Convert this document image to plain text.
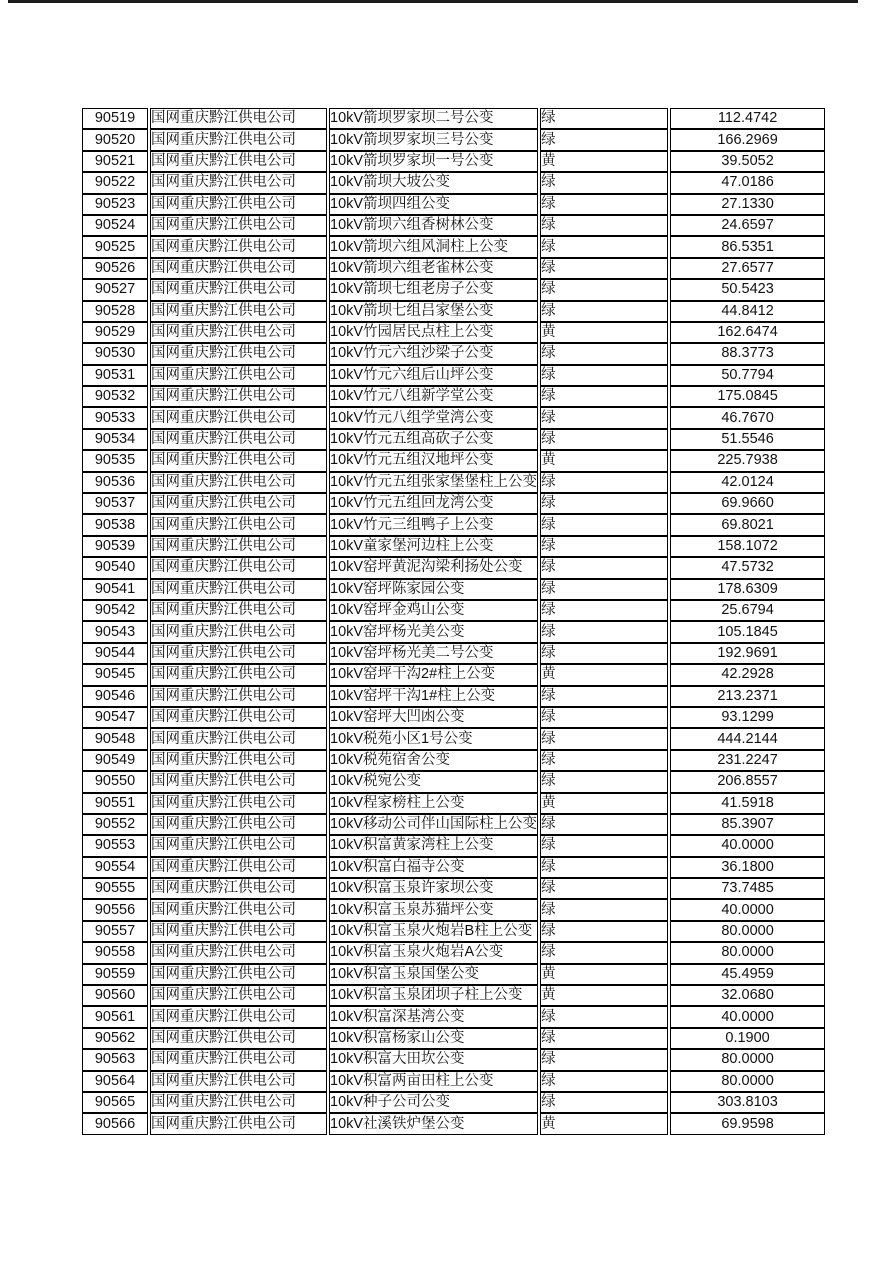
90519	国网重庆黔江供电公司	10kV箭坝罗家坝二号公变	绿	112.4742
90520	国网重庆黔江供电公司	10kV箭坝罗家坝三号公变	绿	166.2969
90521	国网重庆黔江供电公司	10kV箭坝罗家坝一号公变	黄	39.5052
90522	国网重庆黔江供电公司	10kV箭坝大坡公变	绿	47.0186
90523	国网重庆黔江供电公司	10kV箭坝四组公变	绿	27.1330
90524	国网重庆黔江供电公司	10kV箭坝六组香树林公变	绿	24.6597
90525	国网重庆黔江供电公司	10kV箭坝六组风洞柱上公变	绿	86.5351
90526	国网重庆黔江供电公司	10kV箭坝六组老雀林公变	绿	27.6577
90527	国网重庆黔江供电公司	10kV箭坝七组老房子公变	绿	50.5423
90528	国网重庆黔江供电公司	10kV箭坝七组吕家堡公变	绿	44.8412
90529	国网重庆黔江供电公司	10kV竹园居民点柱上公变	黄	162.6474
90530	国网重庆黔江供电公司	10kV竹元六组沙梁子公变	绿	88.3773
90531	国网重庆黔江供电公司	10kV竹元六组后山坪公变	绿	50.7794
90532	国网重庆黔江供电公司	10kV竹元八组新学堂公变	绿	175.0845
90533	国网重庆黔江供电公司	10kV竹元八组学堂湾公变	绿	46.7670
90534	国网重庆黔江供电公司	10kV竹元五组高砍子公变	绿	51.5546
90535	国网重庆黔江供电公司	10kV竹元五组汉地坪公变	黄	225.7938
90536	国网重庆黔江供电公司	10kV竹元五组张家堡堡柱上公变	绿	42.0124
90537	国网重庆黔江供电公司	10kV竹元五组回龙湾公变	绿	69.9660
90538	国网重庆黔江供电公司	10kV竹元三组鸭子上公变	绿	69.8021
90539	国网重庆黔江供电公司	10kV童家堡河边柱上公变	绿	158.1072
90540	国网重庆黔江供电公司	10kV窑坪黄泥沟梁利扬处公变	绿	47.5732
90541	国网重庆黔江供电公司	10kV窑坪陈家园公变	绿	178.6309
90542	国网重庆黔江供电公司	10kV窑坪金鸡山公变	绿	25.6794
90543	国网重庆黔江供电公司	10kV窑坪杨光美公变	绿	105.1845
90544	国网重庆黔江供电公司	10kV窑坪杨光美二号公变	绿	192.9691
90545	国网重庆黔江供电公司	10kV窑坪干沟2#柱上公变	黄	42.2928
90546	国网重庆黔江供电公司	10kV窑坪干沟1#柱上公变	绿	213.2371
90547	国网重庆黔江供电公司	10kV窑坪大凹凼公变	绿	93.1299
90548	国网重庆黔江供电公司	10kV税苑小区1号公变	绿	444.2144
90549	国网重庆黔江供电公司	10kV税苑宿舍公变	绿	231.2247
90550	国网重庆黔江供电公司	10kV税宛公变	绿	206.8557
90551	国网重庆黔江供电公司	10kV程家榜柱上公变	黄	41.5918
90552	国网重庆黔江供电公司	10kV移动公司伴山国际柱上公变	绿	85.3907
90553	国网重庆黔江供电公司	10kV积富黄家湾柱上公变	绿	40.0000
90554	国网重庆黔江供电公司	10kV积富白福寺公变	绿	36.1800
90555	国网重庆黔江供电公司	10kV积富玉泉许家坝公变	绿	73.7485
90556	国网重庆黔江供电公司	10kV积富玉泉苏猫坪公变	绿	40.0000
90557	国网重庆黔江供电公司	10kV积富玉泉火炮岩B柱上公变	绿	80.0000
90558	国网重庆黔江供电公司	10kV积富玉泉火炮岩A公变	绿	80.0000
90559	国网重庆黔江供电公司	10kV积富玉泉国堡公变	黄	45.4959
90560	国网重庆黔江供电公司	10kV积富玉泉团坝子柱上公变	黄	32.0680
90561	国网重庆黔江供电公司	10kV积富深基湾公变	绿	40.0000
90562	国网重庆黔江供电公司	10kV积富杨家山公变	绿	0.1900
90563	国网重庆黔江供电公司	10kV积富大田坎公变	绿	80.0000
90564	国网重庆黔江供电公司	10kV积富两亩田柱上公变	绿	80.0000
90565	国网重庆黔江供电公司	10kV种子公司公变	绿	303.8103
90566	国网重庆黔江供电公司	10kV社溪铁炉堡公变	黄	69.9598
